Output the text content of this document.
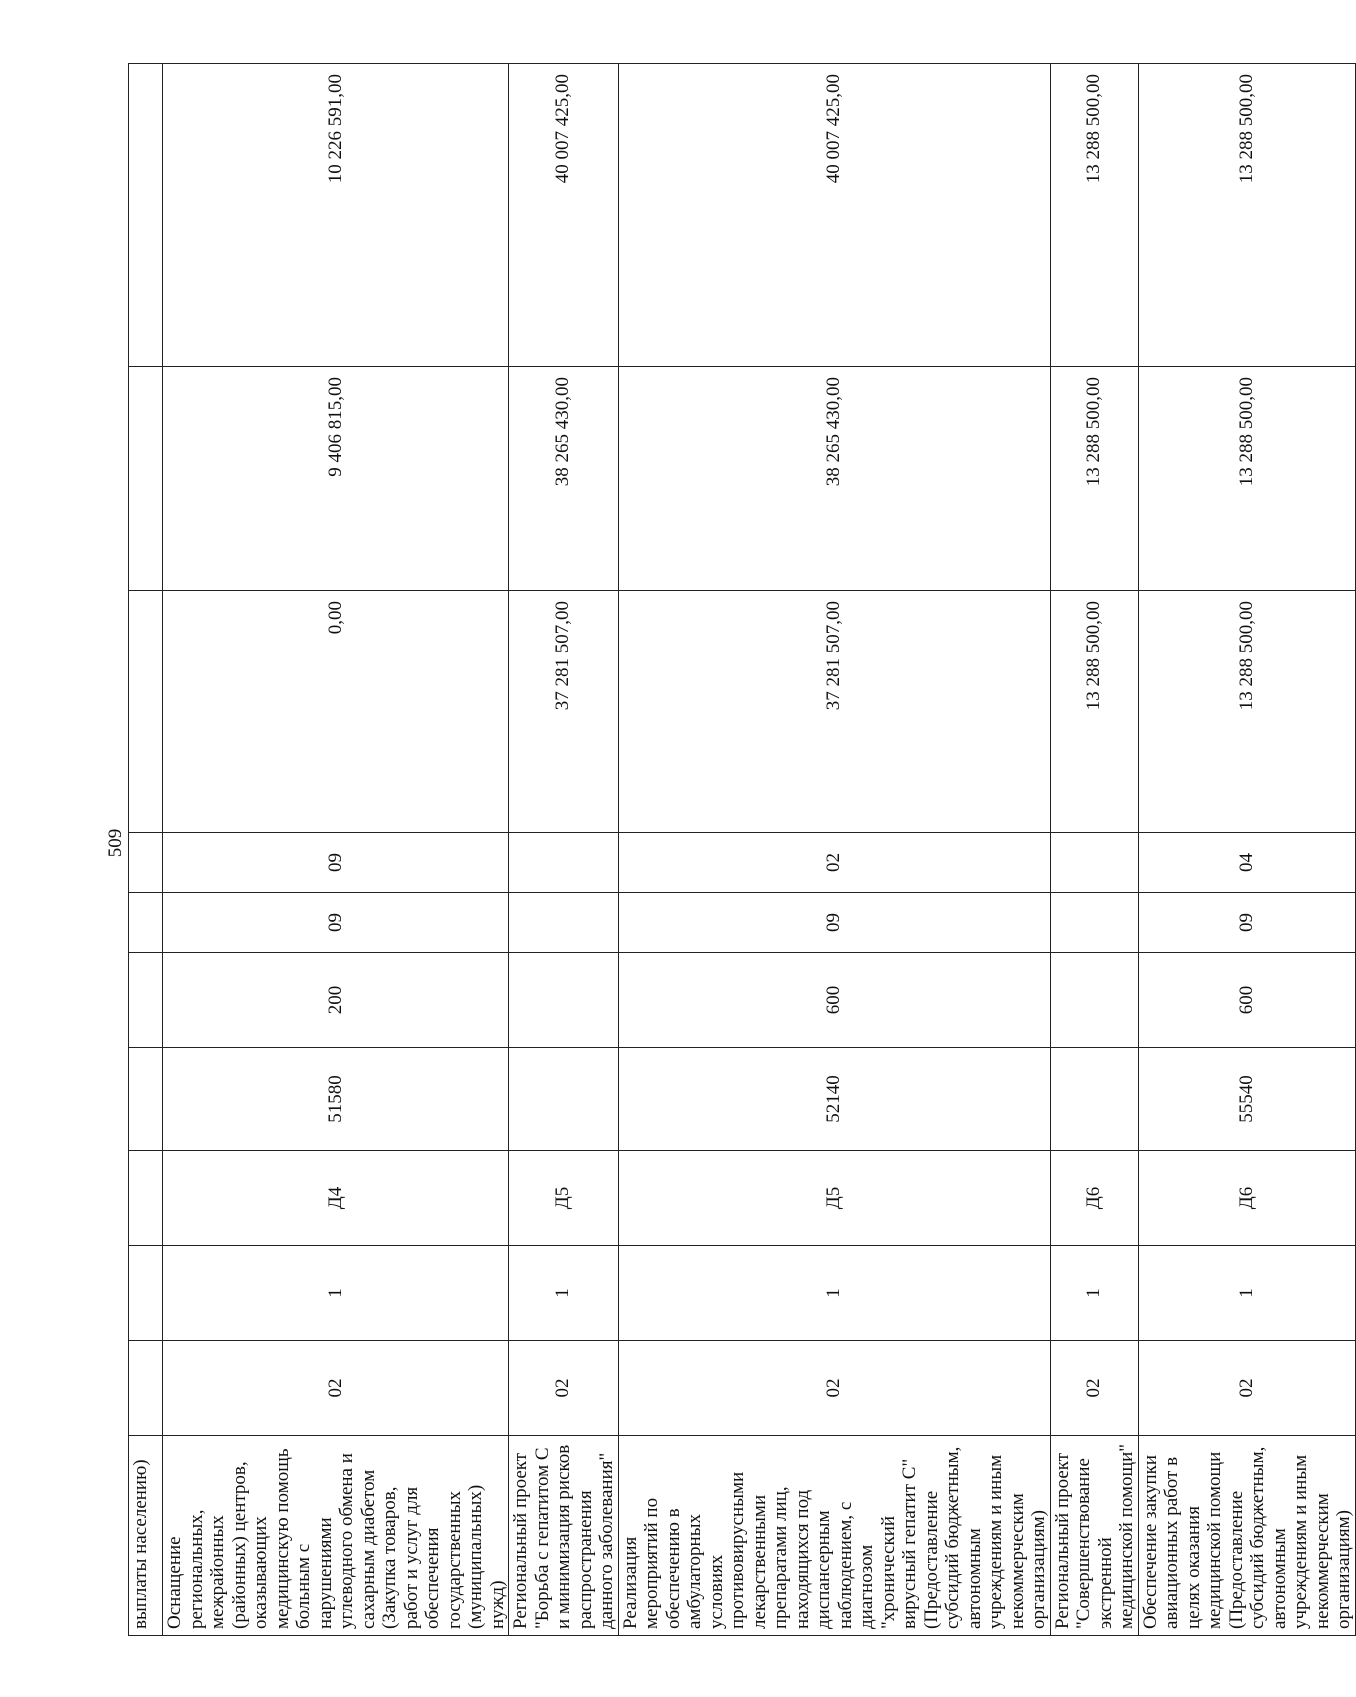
509
выплаты населению)										
Оснащение региональных, межрайонных (районных) центров, оказывающих медицинскую помощь больным с нарушениями углеводного обмена и сахарным диабетом (Закупка товаров, работ и услуг для обеспечения государственных (муниципальных) нужд)	02	1	Д4	51580	200	09	09	0,00	9 406 815,00	10 226 591,00
Региональный проект "Борьба с гепатитом С и минимизация рисков распространения данного заболевания"	02	1	Д5					37 281 507,00	38 265 430,00	40 007 425,00
Реализация мероприятий по обеспечению в амбулаторных условиях противовирусными лекарственными препаратами лиц, находящихся под диспансерным наблюдением, с диагнозом "хронический вирусный гепатит С" (Предоставление субсидий бюджетным, автономным учреждениям и иным некоммерческим организациям)	02	1	Д5	52140	600	09	02	37 281 507,00	38 265 430,00	40 007 425,00
Региональный проект "Совершенствование экстренной медицинской помощи"	02	1	Д6					13 288 500,00	13 288 500,00	13 288 500,00
Обеспечение закупки авиационных работ в целях оказания медицинской помощи (Предоставление субсидий бюджетным, автономным учреждениям и иным некоммерческим организациям)	02	1	Д6	55540	600	09	04	13 288 500,00	13 288 500,00	13 288 500,00
